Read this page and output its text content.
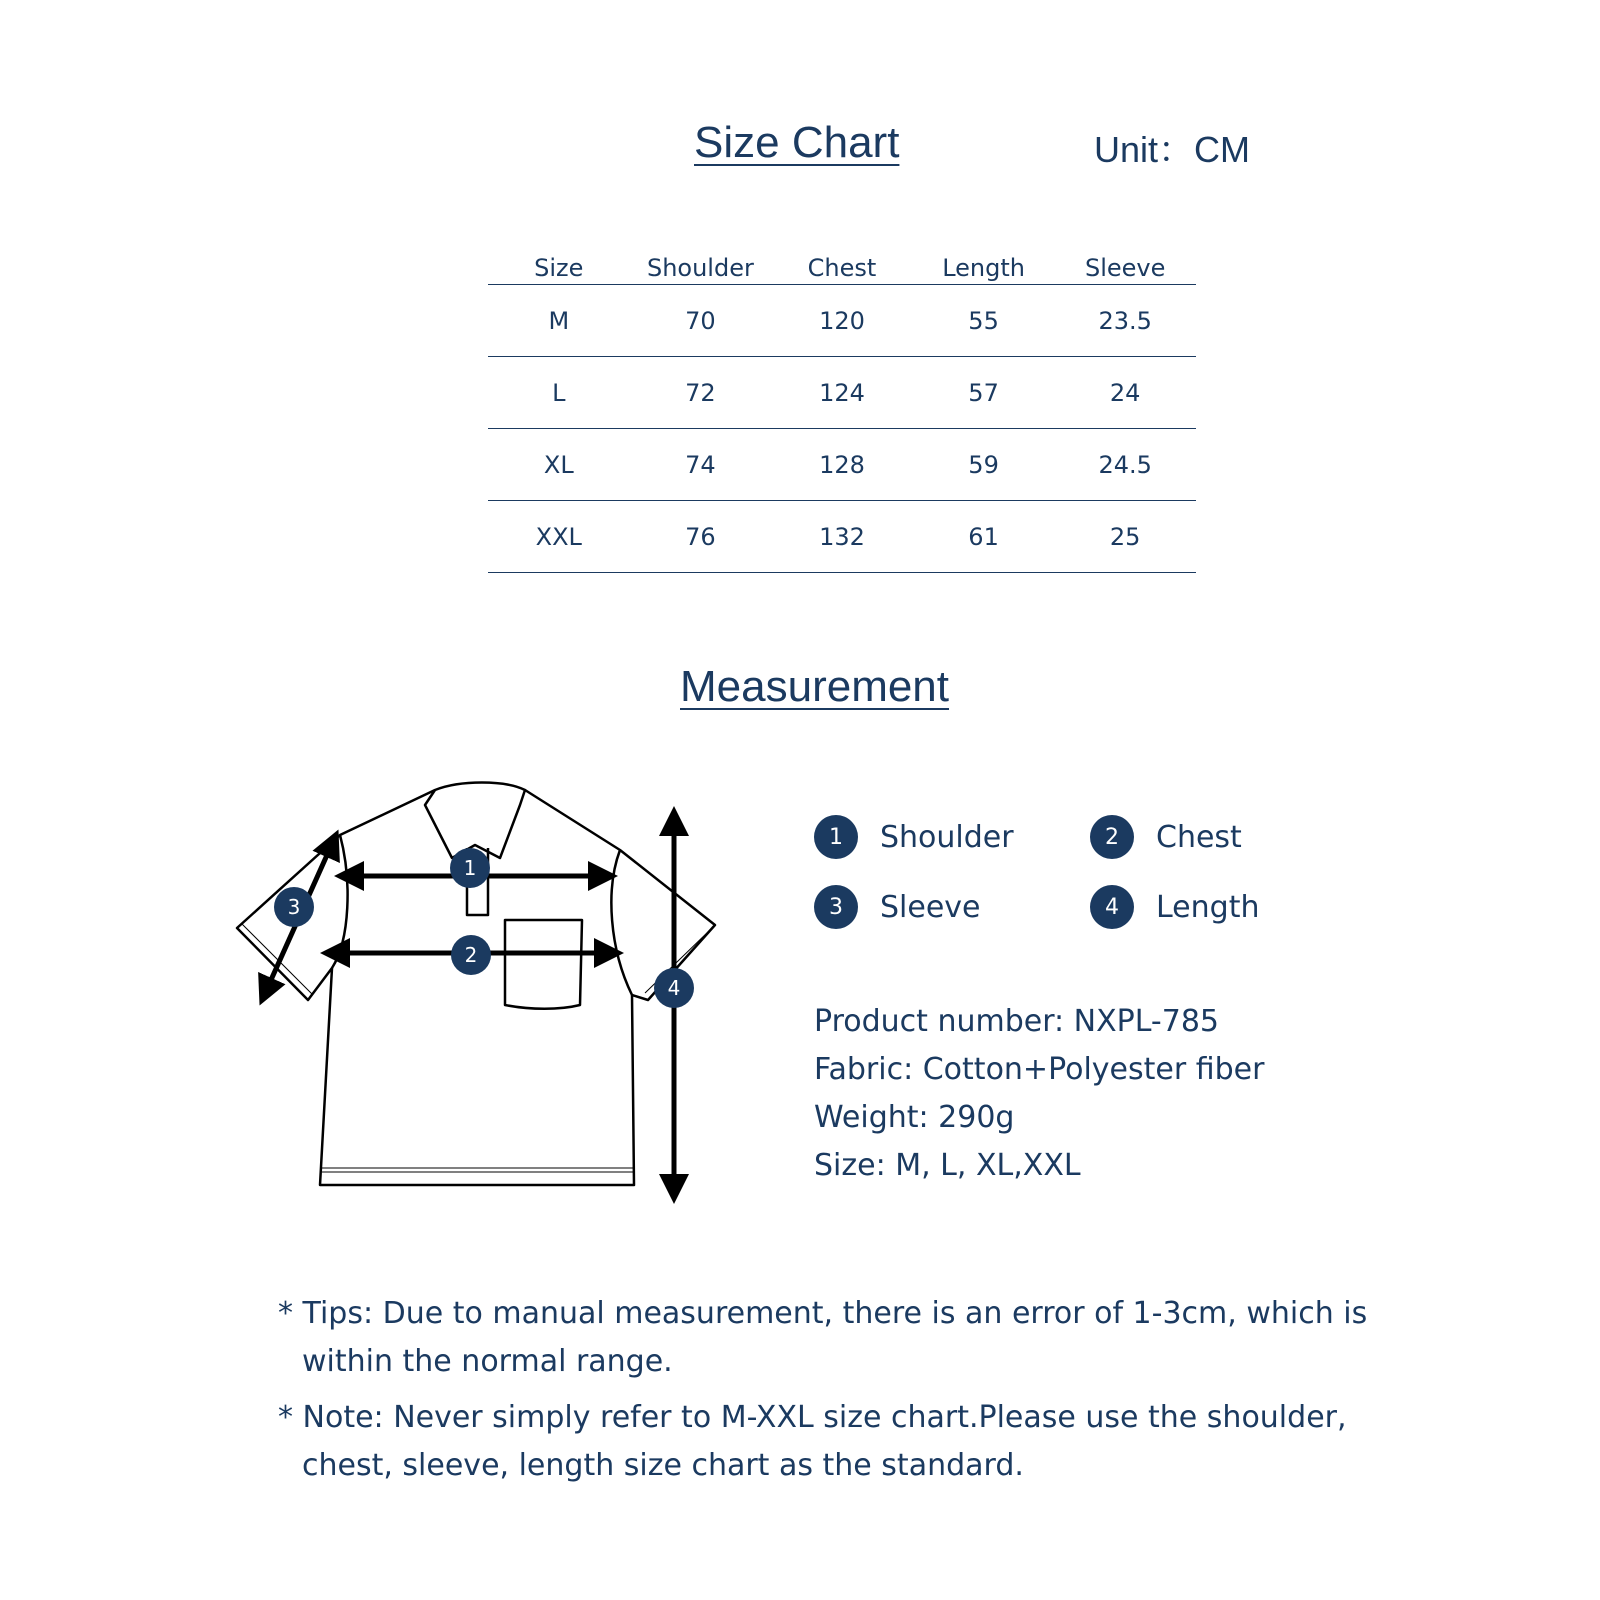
Size Chart	Unit：CM
Size	Shoulder	Chest	Length	Sleeve
M	70	120	55	23.5
L	72	124	57	24
XL	74	128	59	24.5
XXL	76	132	61	25
Measurement
1
2
3
4
1	Shoulder	2	Chest
3	Sleeve	4	Length
Product number: NXPL-785
Fabric: Cotton+Polyester fiber
Weight: 290g
Size: M, L, XL,XXL
* Tips: Due to manual measurement, there is an error of 1-3cm, which is within the normal range.
* Note: Never simply refer to M-XXL size chart.Please use the shoulder, chest, sleeve, length size chart as the standard.
